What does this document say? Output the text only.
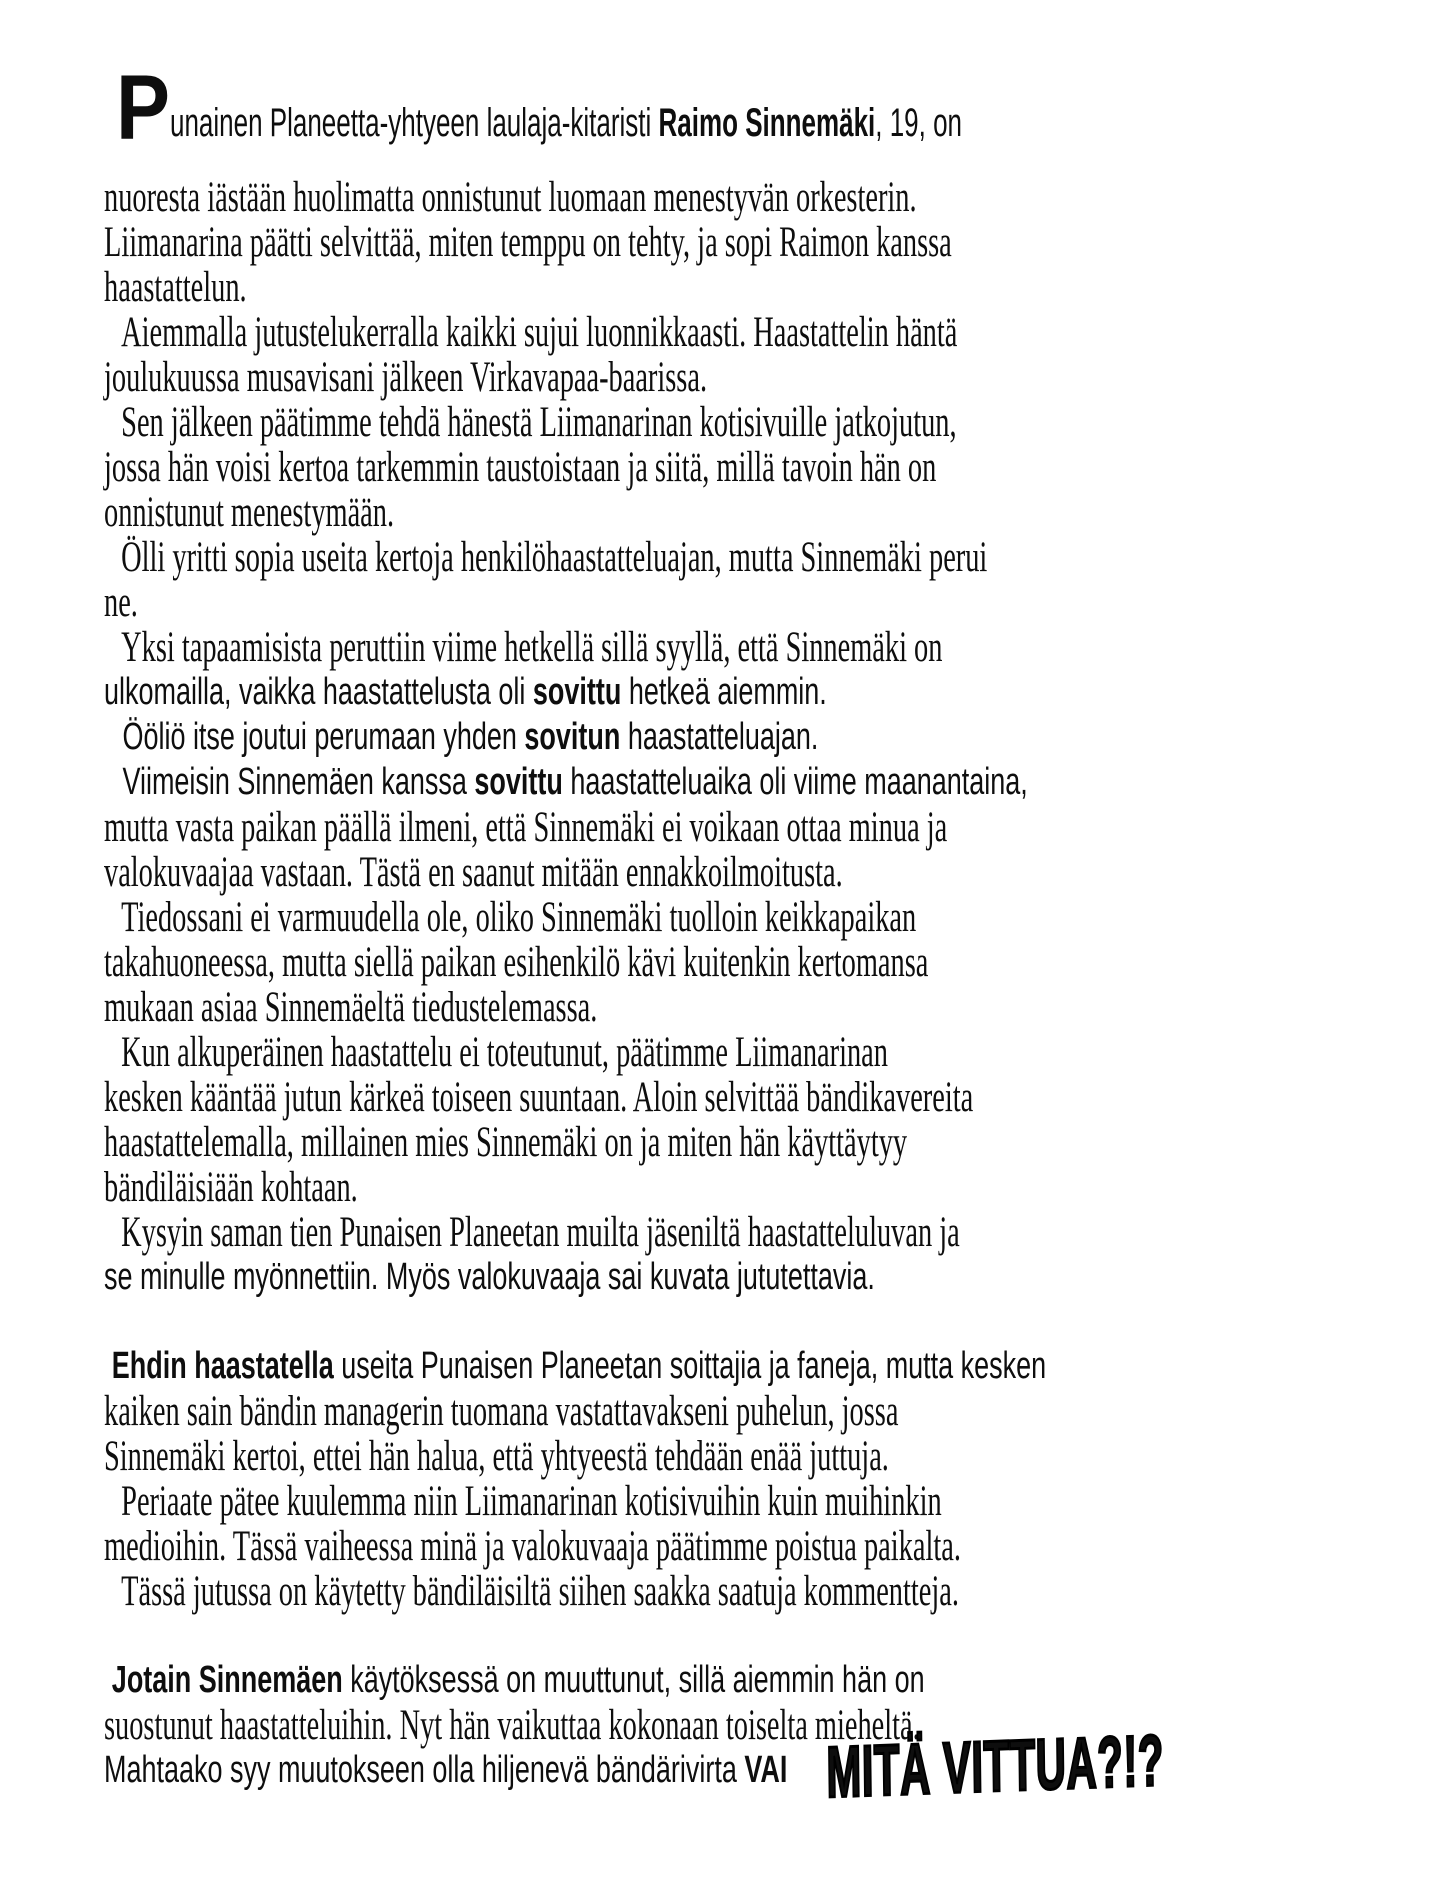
P unainen Planeetta-yhtyeen laulaja-kitaristi Raimo Sinnemäki, 19, on
nuoresta iästään huolimatta onnistunut luomaan menestyvän orkesterin.
Liimanarina päätti selvittää, miten temppu on tehty, ja sopi Raimon kanssa
haastattelun.
Aiemmalla jutustelukerralla kaikki sujui luonnikkaasti. Haastattelin häntä
joulukuussa musavisani jälkeen Virkavapaa-baarissa.
Sen jälkeen päätimme tehdä hänestä Liimanarinan kotisivuille jatkojutun,
jossa hän voisi kertoa tarkemmin taustoistaan ja siitä, millä tavoin hän on
onnistunut menestymään.
Ölli yritti sopia useita kertoja henkilöhaastatteluajan, mutta Sinnemäki perui
ne.
Yksi tapaamisista peruttiin viime hetkellä sillä syyllä, että Sinnemäki on
ulkomailla, vaikka haastattelusta oli sovittu hetkeä aiemmin.
Ööliö itse joutui perumaan yhden sovitun haastatteluajan.
Viimeisin Sinnemäen kanssa sovittu haastatteluaika oli viime maanantaina,
mutta vasta paikan päällä ilmeni, että Sinnemäki ei voikaan ottaa minua ja
valokuvaajaa vastaan. Tästä en saanut mitään ennakkoilmoitusta.
Tiedossani ei varmuudella ole, oliko Sinnemäki tuolloin keikkapaikan
takahuoneessa, mutta siellä paikan esihenkilö kävi kuitenkin kertomansa
mukaan asiaa Sinnemäeltä tiedustelemassa.
Kun alkuperäinen haastattelu ei toteutunut, päätimme Liimanarinan
kesken kääntää jutun kärkeä toiseen suuntaan. Aloin selvittää bändikavereita
haastattelemalla, millainen mies Sinnemäki on ja miten hän käyttäytyy
bändiläisiään kohtaan.
Kysyin saman tien Punaisen Planeetan muilta jäseniltä haastatteluluvan ja
se minulle myönnettiin. Myös valokuvaaja sai kuvata jututettavia.
Ehdin haastatella useita Punaisen Planeetan soittajia ja faneja, mutta kesken
kaiken sain bändin managerin tuomana vastattavakseni puhelun, jossa
Sinnemäki kertoi, ettei hän halua, että yhtyeestä tehdään enää juttuja.
Periaate pätee kuulemma niin Liimanarinan kotisivuihin kuin muihinkin
medioihin. Tässä vaiheessa minä ja valokuvaaja päätimme poistua paikalta.
Tässä jutussa on käytetty bändiläisiltä siihen saakka saatuja kommentteja.
Jotain Sinnemäen käytöksessä on muuttunut, sillä aiemmin hän on
suostunut haastatteluihin. Nyt hän vaikuttaa kokonaan toiselta mieheltä.
Mahtaako syy muutokseen olla hiljenevä bändärivirta VAI MITÄ VITTUA?!?
